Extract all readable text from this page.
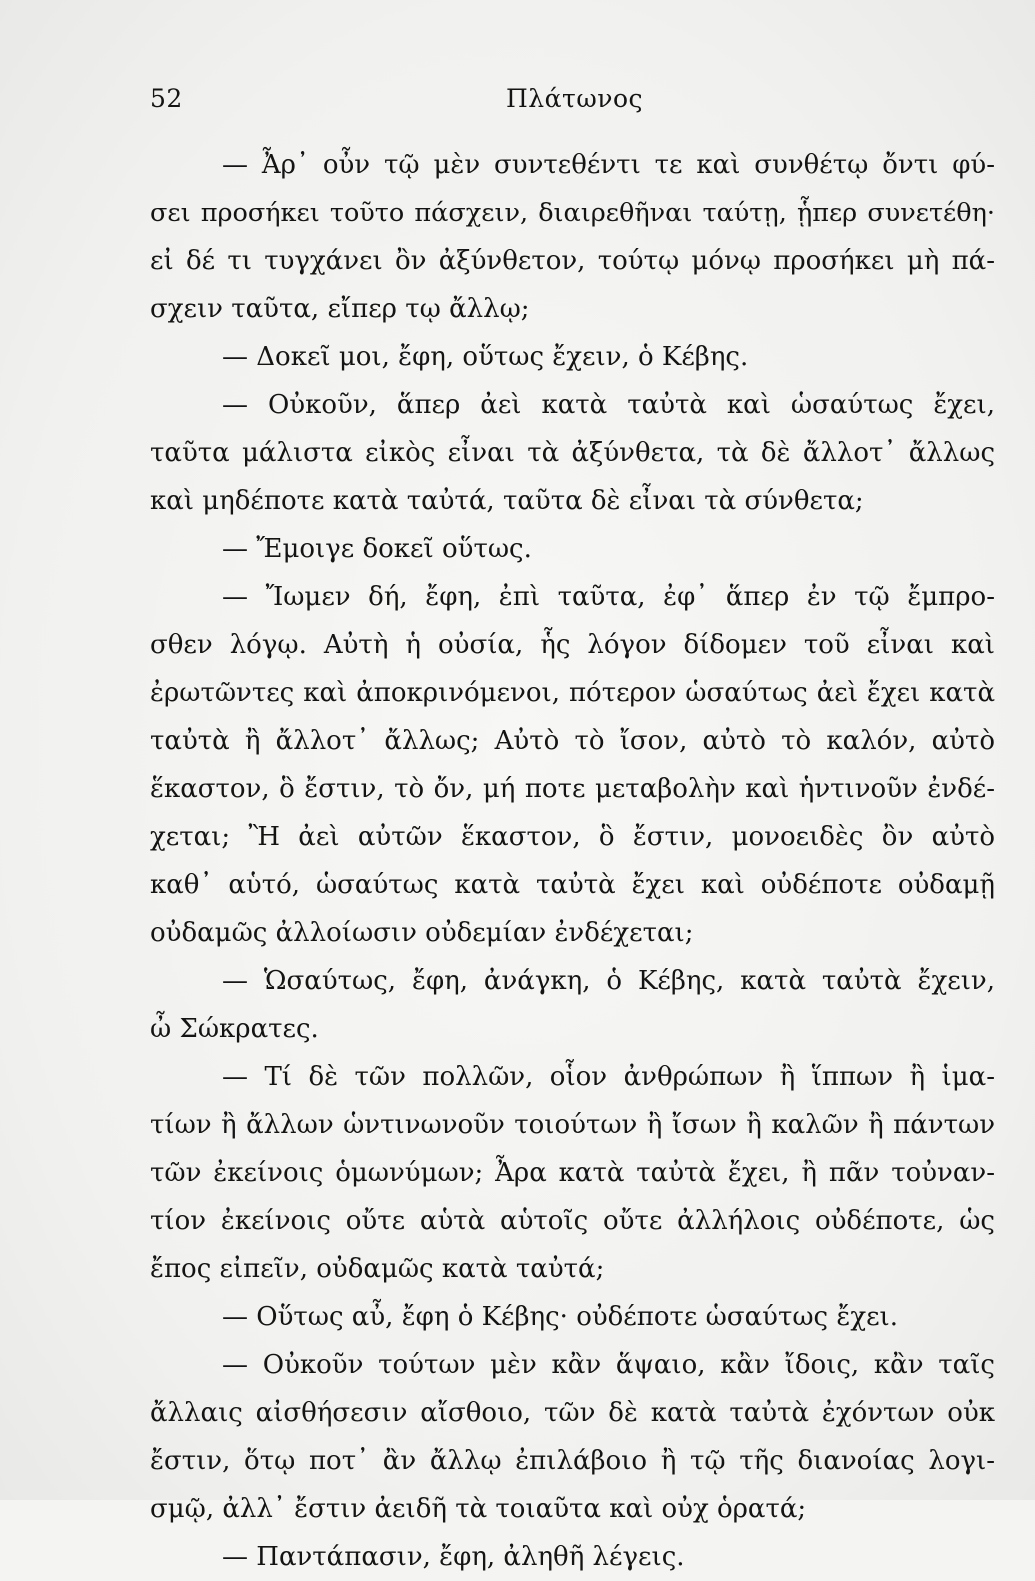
52	Πλάτωνος
— Ἆρ᾽ οὖν τῷ μὲν συντεθέντι τε καὶ συνθέτῳ ὄντι φύ-
σει προσήκει τοῦτο πάσχειν, διαιρεθῆναι ταύτῃ, ᾗπερ συνετέθη·
εἰ δέ τι τυγχάνει ὂν ἀξύνθετον, τούτῳ μόνῳ προσήκει μὴ πά-
σχειν ταῦτα, εἴπερ τῳ ἄλλῳ;
— Δοκεῖ μοι, ἔφη, οὕτως ἔχειν, ὁ Κέβης.
— Οὐκοῦν, ἅπερ ἀεὶ κατὰ ταὐτὰ καὶ ὡσαύτως ἔχει,
ταῦτα μάλιστα εἰκὸς εἶναι τὰ ἀξύνθετα, τὰ δὲ ἄλλοτ᾽ ἄλλως
καὶ μηδέποτε κατὰ ταὐτά, ταῦτα δὲ εἶναι τὰ σύνθετα;
— Ἔμοιγε δοκεῖ οὕτως.
— Ἴωμεν δή, ἔφη, ἐπὶ ταῦτα, ἐφ᾽ ἅπερ ἐν τῷ ἔμπρο-
σθεν λόγῳ. Αὐτὴ ἡ οὐσία, ἧς λόγον δίδομεν τοῦ εἶναι καὶ
ἐρωτῶντες καὶ ἀποκρινόμενοι, πότερον ὡσαύτως ἀεὶ ἔχει κατὰ
ταὐτὰ ἢ ἄλλοτ᾽ ἄλλως; Αὐτὸ τὸ ἴσον, αὐτὸ τὸ καλόν, αὐτὸ
ἕκαστον, ὃ ἔστιν, τὸ ὄν, μή ποτε μεταβολὴν καὶ ἡντινοῦν ἐνδέ-
χεται; Ἢ ἀεὶ αὐτῶν ἕκαστον, ὃ ἔστιν, μονοειδὲς ὂν αὐτὸ
καθ᾽ αὑτό, ὡσαύτως κατὰ ταὐτὰ ἔχει καὶ οὐδέποτε οὐδαμῇ
οὐδαμῶς ἀλλοίωσιν οὐδεμίαν ἐνδέχεται;
— Ὡσαύτως, ἔφη, ἀνάγκη, ὁ Κέβης, κατὰ ταὐτὰ ἔχειν,
ὦ Σώκρατες.
— Τί δὲ τῶν πολλῶν, οἷον ἀνθρώπων ἢ ἵππων ἢ ἱμα-
τίων ἢ ἄλλων ὡντινωνοῦν τοιούτων ἢ ἴσων ἢ καλῶν ἢ πάντων
τῶν ἐκείνοις ὁμωνύμων; Ἆρα κατὰ ταὐτὰ ἔχει, ἢ πᾶν τοὐναν-
τίον ἐκείνοις οὔτε αὑτὰ αὑτοῖς οὔτε ἀλλήλοις οὐδέποτε, ὡς
ἔπος εἰπεῖν, οὐδαμῶς κατὰ ταὐτά;
— Οὕτως αὖ, ἔφη ὁ Κέβης· οὐδέποτε ὡσαύτως ἔχει.
— Οὐκοῦν τούτων μὲν κἂν ἅψαιο, κἂν ἴδοις, κἂν ταῖς
ἄλλαις αἰσθήσεσιν αἴσθοιο, τῶν δὲ κατὰ ταὐτὰ ἐχόντων οὐκ
ἔστιν, ὅτῳ ποτ᾽ ἂν ἄλλῳ ἐπιλάβοιο ἢ τῷ τῆς διανοίας λογι-
σμῷ, ἀλλ᾽ ἔστιν ἀειδῆ τὰ τοιαῦτα καὶ οὐχ ὁρατά;
— Παντάπασιν, ἔφη, ἀληθῆ λέγεις.
